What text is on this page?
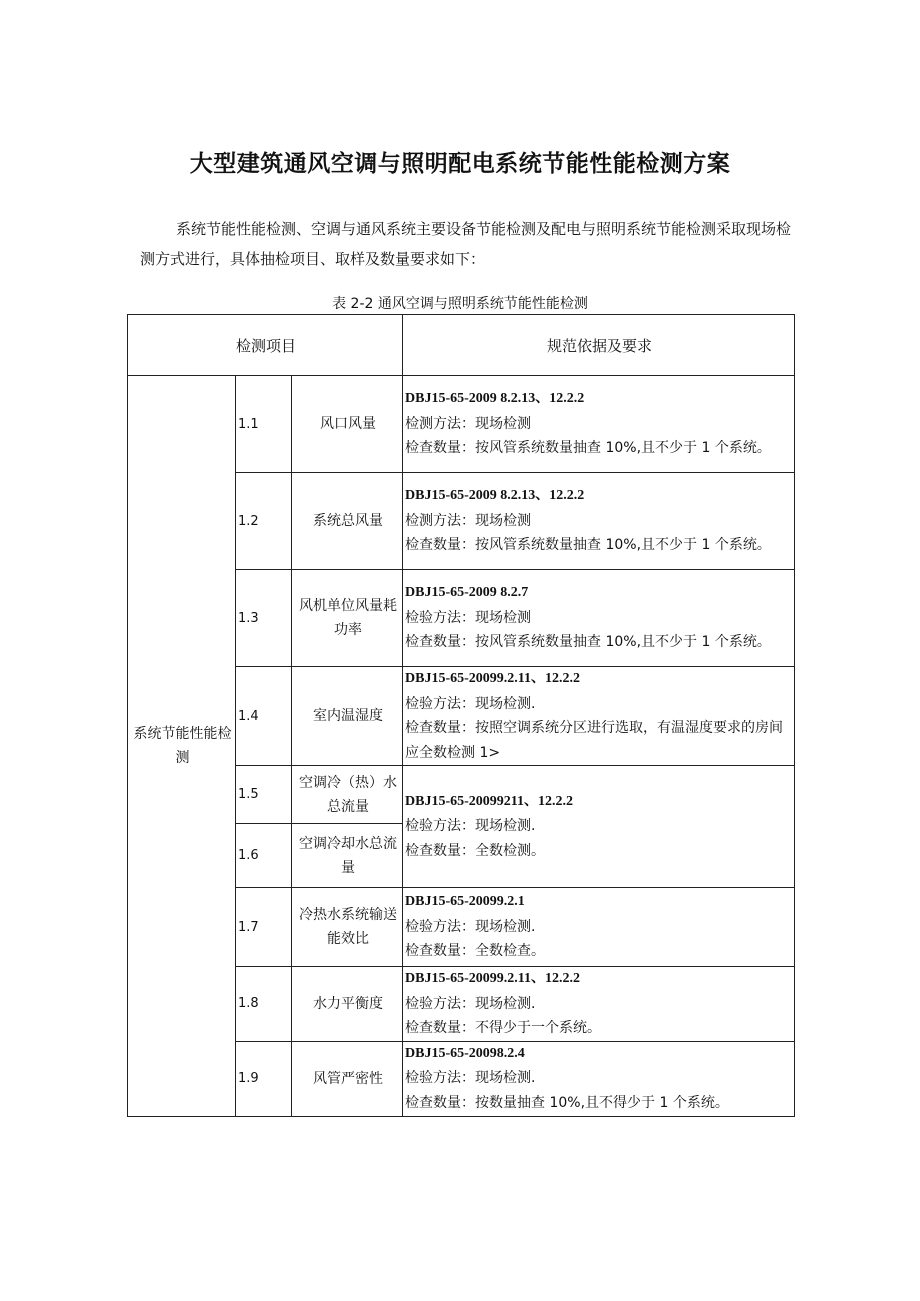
大型建筑通风空调与照明配电系统节能性能检测方案
系统节能性能检测、空调与通风系统主要设备节能检测及配电与照明系统节能检测采取现场检测方式进行，具体抽检项目、取样及数量要求如下：
表 2-2 通风空调与照明系统节能性能检测
检测项目			规范依据及要求
系统节能性能检测	1.1	风口风量	DBJ15-65-2009 8.2.13、12.2.2
检测方法：现场检测
检查数量：按风管系统数量抽查 10%,且不少于 1 个系统。

	1.2	系统总风量	DBJ15-65-2009 8.2.13、12.2.2
检测方法：现场检测
检查数量：按风管系统数量抽查 10%,且不少于 1 个系统。

	1.3	风机单位风量耗功率	DBJ15-65-2009 8.2.7
检验方法：现场检测
检查数量：按风管系统数量抽查 10%,且不少于 1 个系统。

	1.4	室内温湿度	DBJ15-65-20099.2.11、12.2.2
检验方法：现场检测.
检查数量：按照空调系统分区进行选取，有温湿度要求的房间应全数检测 1>

	1.5	空调冷（热）水总流量	DBJ15-65-20099211、12.2.2
检验方法：现场检测.
检查数量：全数检测。

	1.6	空调冷却水总流量	
	1.7	冷热水系统输送能效比	DBJ15-65-20099.2.1
检验方法：现场检测.
检查数量：全数检查。

	1.8	水力平衡度	DBJ15-65-20099.2.11、12.2.2
检验方法：现场检测.
检查数量：不得少于一个系统。

	1.9	风管严密性	DBJ15-65-20098.2.4
检验方法：现场检测.
检查数量：按数量抽查 10%,且不得少于 1 个系统。
